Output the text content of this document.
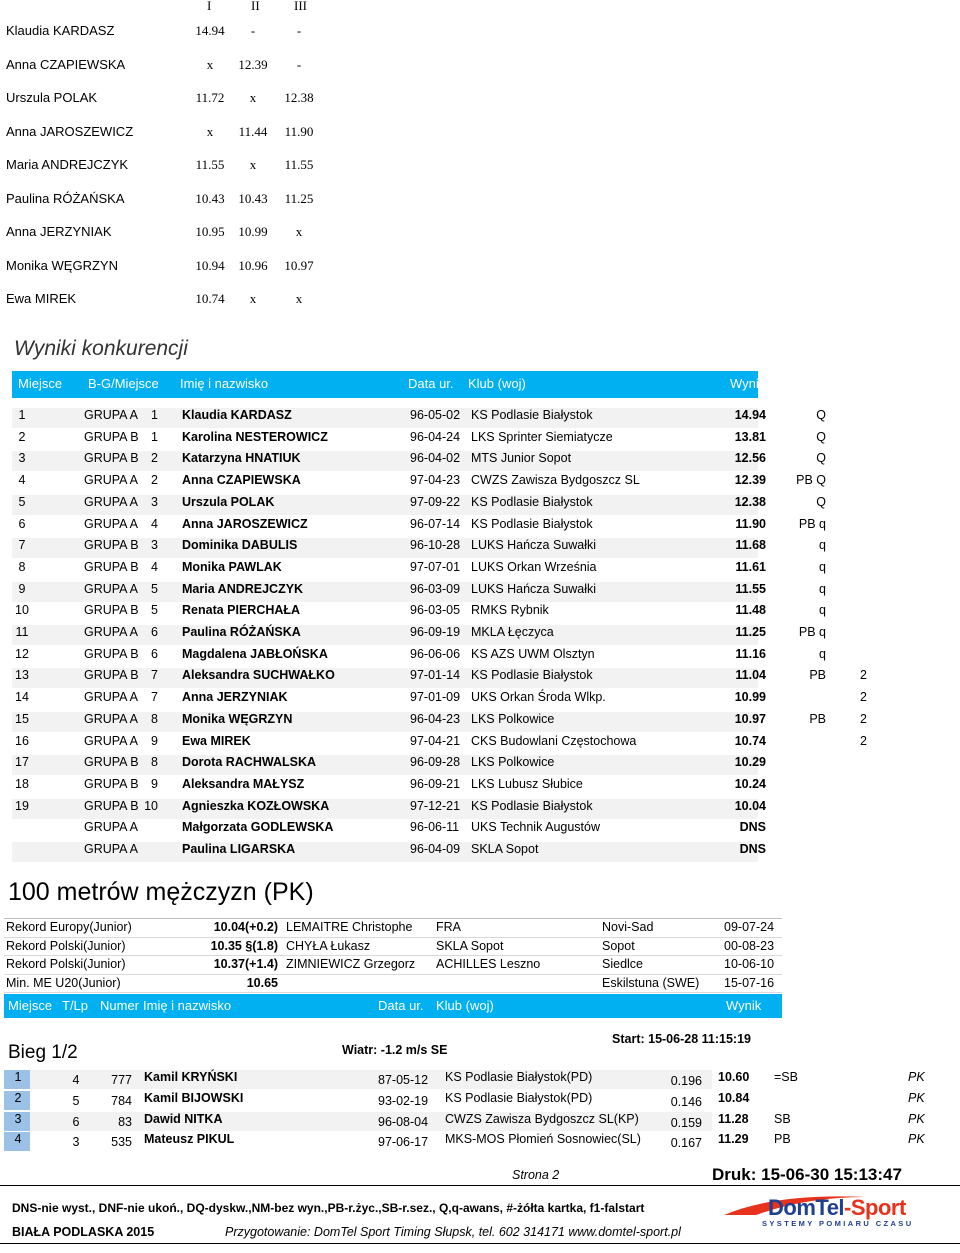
I	II	III
Klaudia KARDASZ	14.94	-	-
Anna CZAPIEWSKA	x	12.39	-
Urszula POLAK	11.72	x	12.38
Anna JAROSZEWICZ	x	11.44	11.90
Maria ANDREJCZYK	11.55	x	11.55
Paulina RÓŻAŃSKA	10.43	10.43	11.25
Anna JERZYNIAK	10.95	10.99	x
Monika WĘGRZYN	10.94	10.96	10.97
Ewa MIREK	10.74	x	x
Wyniki konkurencji
Miejsce B-G/Miejsce Imię i nazwisko	Data ur. Klub (woj)	Wynik
1	GRUPA A	1 Klaudia KARDASZ	96-05-02 KS Podlasie Białystok	14.94	Q
2	GRUPA B 1 Karolina NESTEROWICZ	96-04-24 LKS Sprinter Siemiatycze	13.81	Q
3	GRUPA B 2 Katarzyna HNATIUK	96-04-02 MTS Junior Sopot	12.56	Q
4	GRUPA A	2 Anna CZAPIEWSKA	97-04-23 CWZS Zawisza Bydgoszcz SL	12.39	PB Q
5	GRUPA A	3 Urszula POLAK	97-09-22 KS Podlasie Białystok	12.38	Q
6	GRUPA A	4 Anna JAROSZEWICZ	96-07-14 KS Podlasie Białystok	11.90	PB q
7	GRUPA B 3 Dominika DABULIS	96-10-28 LUKS Hańcza Suwałki	11.68	q
8	GRUPA B 4 Monika PAWLAK	97-07-01 LUKS Orkan Września	11.61	q
9	GRUPA A	5 Maria ANDREJCZYK	96-03-09 LUKS Hańcza Suwałki	11.55	q
10	GRUPA B 5 Renata PIERCHAŁA	96-03-05 RMKS Rybnik	11.48	q
11	GRUPA A	6 Paulina RÓŻAŃSKA	96-09-19 MKLA Łęczyca	11.25	PB q
12	GRUPA B 6 Magdalena JABŁOŃSKA	96-06-06 KS AZS UWM Olsztyn	11.16	q
13	GRUPA B 7 Aleksandra SUCHWAŁKO	97-01-14 KS Podlasie Białystok	11.04	PB	2
14	GRUPA A	7 Anna JERZYNIAK	97-01-09 UKS Orkan Środa Wlkp.	10.99	2
15	GRUPA A	8 Monika WĘGRZYN	96-04-23 LKS Polkowice	10.97	PB	2
16	GRUPA A	9 Ewa MIREK	97-04-21 CKS Budowlani Częstochowa	10.74	2
17	GRUPA B 8 Dorota RACHWALSKA	96-09-28 LKS Polkowice	10.29
18	GRUPA B 9 Aleksandra MAŁYSZ	96-09-21 LKS Lubusz Słubice	10.24
19	GRUPA B 10 Agnieszka KOZŁOWSKA	97-12-21 KS Podlasie Białystok	10.04
GRUPA A	Małgorzata GODLEWSKA	96-06-11 UKS Technik Augustów	DNS
GRUPA A	Paulina LIGARSKA	96-04-09 SKLA Sopot	DNS
100 metrów mężczyzn (PK)
Rekord Europy(Junior)	10.04(+0.2) LEMAITRE Christophe FRA	Novi-Sad	09-07-24
Rekord Polski(Junior)	10.35 §(1.8) CHYŁA Łukasz	SKLA Sopot	Sopot	00-08-23
Rekord Polski(Junior)	10.37(+1.4) ZIMNIEWICZ Grzegorz ACHILLES Leszno	Siedlce	10-06-10
Min. ME U20(Junior)	10.65	Eskilstuna (SWE) 15-07-16
Miejsce T/Lp Numer Imię i nazwisko	Data ur. Klub (woj)	Wynik
Start: 15-06-28 11:15:19
Bieg 1/2	Wiatr: -1.2 m/s SE
1	4	777 Kamil KRYŃSKI	87-05-12 KS Podlasie Białystok(PD)	0.196 10.60 =SB	PK
2	5	784 Kamil BIJOWSKI	93-02-19 KS Podlasie Białystok(PD)	0.146 10.84	PK
3	6	83 Dawid NITKA	96-08-04 CWZS Zawisza Bydgoszcz SL(KP)	0.159 11.28 SB	PK
4	3	535 Mateusz PIKUL	97-06-17 MKS-MOS Płomień Sosnowiec(SL)	0.167 11.29 PB	PK
Strona 2	Druk: 15-06-30 15:13:47
DNS-nie wyst., DNF-nie ukoń., DQ-dyskw.,NM-bez wyn.,PB-r.życ.,SB-r.sez., Q,q-awans, #-żółta kartka, f1-falstart
BIAŁA PODLASKA 2015	Przygotowanie: DomTel Sport Timing Słupsk, tel. 602 314171 www.domtel-sport.pl
DomTel-Sport
SYSTEMY POMIARU CZASU
